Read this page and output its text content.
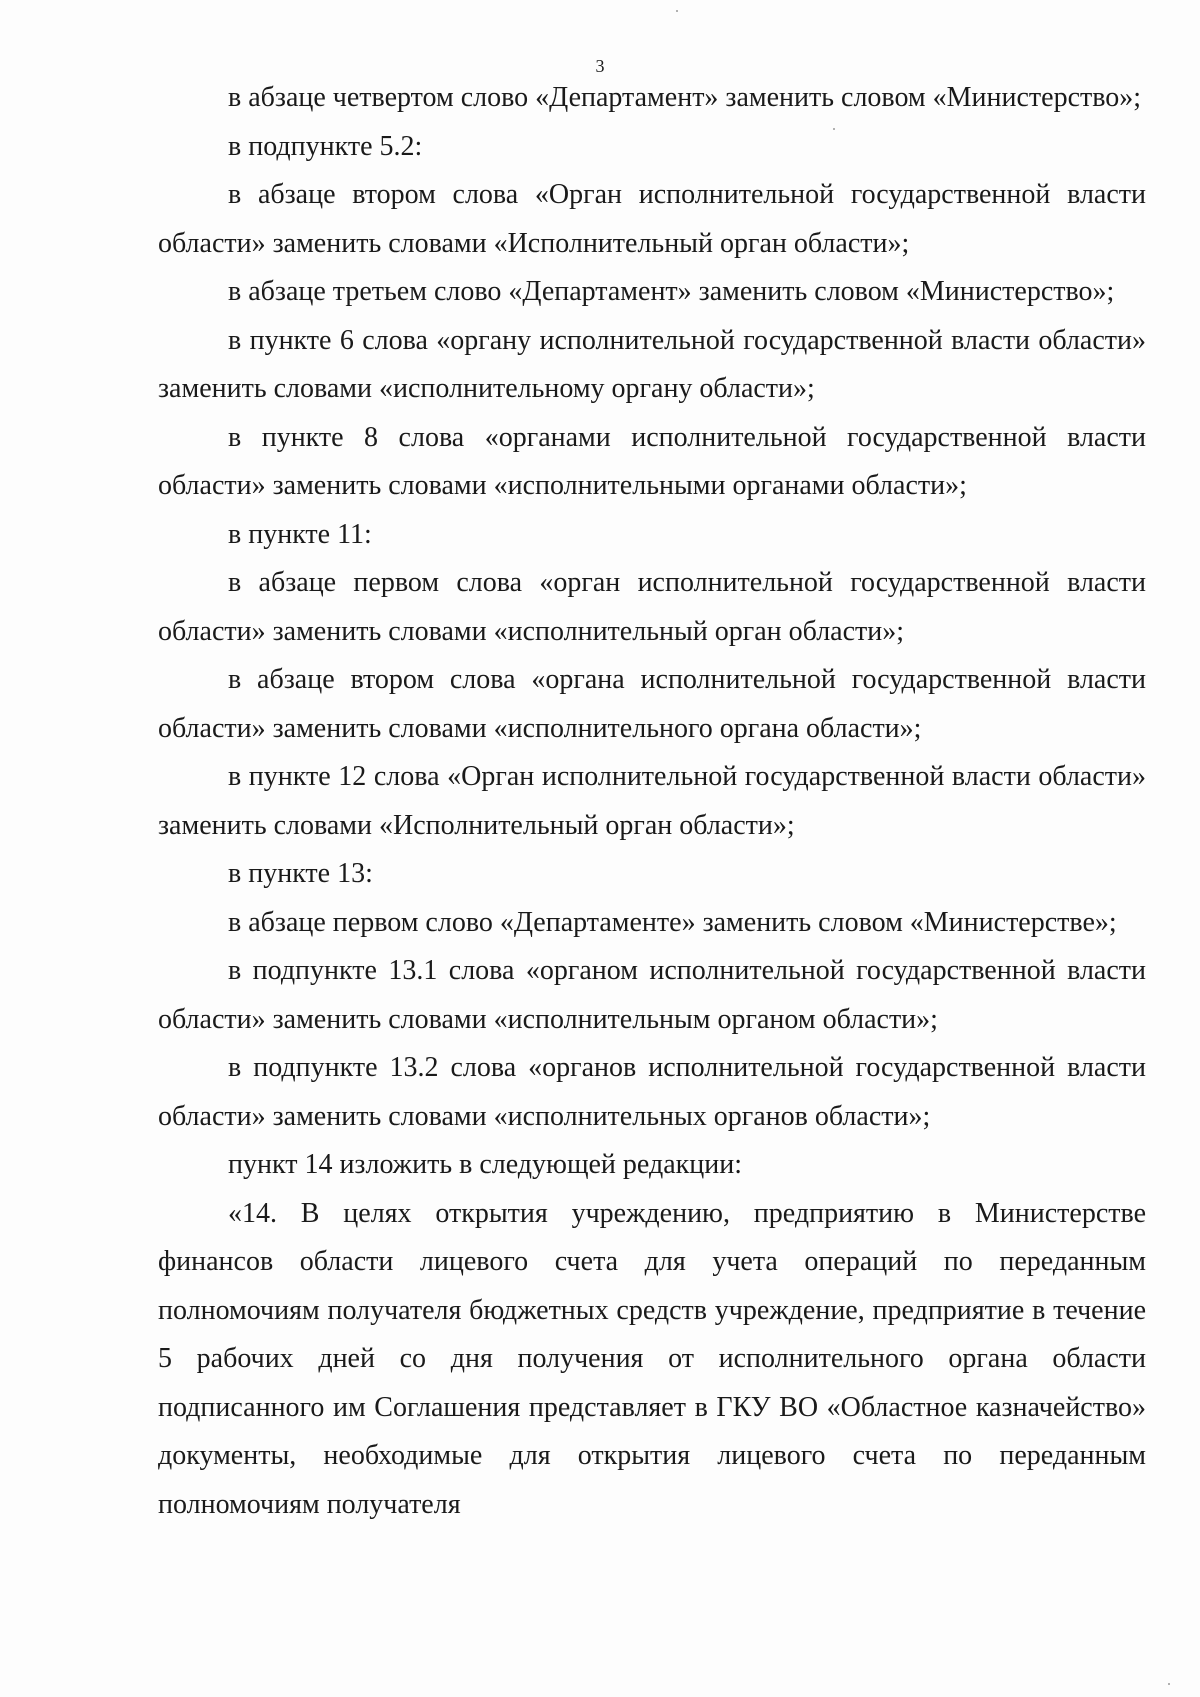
3

в абзаце четвертом слово «Департамент» заменить словом «Министерство»;

в подпункте 5.2:

в абзаце втором слова «Орган исполнительной государственной власти области» заменить словами «Исполнительный орган области»;

в абзаце третьем слово «Департамент» заменить словом «Министерство»;

в пункте 6 слова «органу исполнительной государственной власти области» заменить словами «исполнительному органу области»;

в пункте 8 слова «органами исполнительной государственной власти области» заменить словами «исполнительными органами области»;

в пункте 11:

в абзаце первом слова «орган исполнительной государственной власти области» заменить словами «исполнительный орган области»;

в абзаце втором слова «органа исполнительной государственной власти области» заменить словами «исполнительного органа области»;

в пункте 12 слова «Орган исполнительной государственной власти области» заменить словами «Исполнительный орган области»;

в пункте 13:

в абзаце первом слово «Департаменте» заменить словом «Министерстве»;

в подпункте 13.1 слова «органом исполнительной государственной власти области» заменить словами «исполнительным органом области»;

в подпункте 13.2 слова «органов исполнительной государственной власти области» заменить словами «исполнительных органов области»;

пункт 14 изложить в следующей редакции:

«14. В целях открытия учреждению, предприятию в Министерстве финансов области лицевого счета для учета операций по переданным полномочиям получателя бюджетных средств учреждение, предприятие в течение 5 рабочих дней со дня получения от исполнительного органа области подписанного им Соглашения представляет в ГКУ ВО «Областное казначейство» документы, необходимые для открытия лицевого счета по переданным полномочиям получателя
